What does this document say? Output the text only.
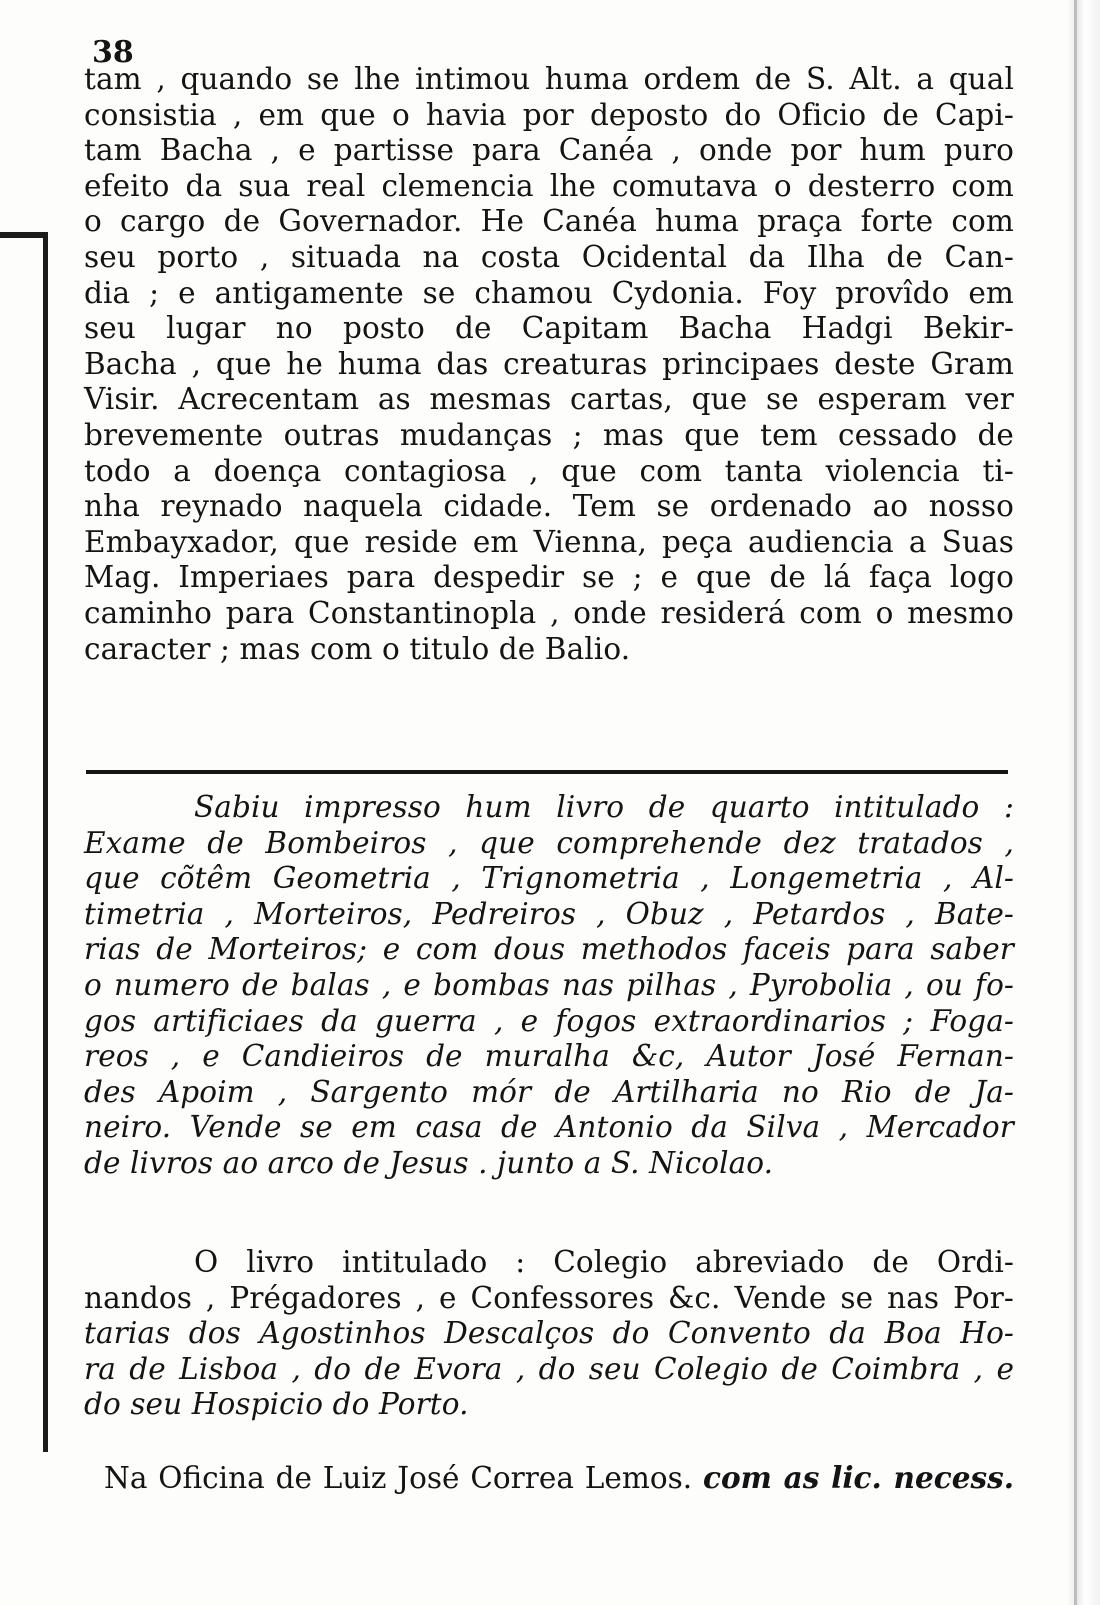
38
tam , quando se lhe intimou huma ordem de S. Alt. a qual
consistia , em que o havia por deposto do Oficio de Capi-
tam Bacha , e partisse para Canéa , onde por hum puro
efeito da sua real clemencia lhe comutava o desterro com
o cargo de Governador. He Canéa huma praça forte com
seu porto , situada na costa Ocidental da Ilha de Can-
dia ; e antigamente se chamou Cydonia. Foy provîdo em
seu lugar no posto de Capitam Bacha Hadgi Bekir-
Bacha , que he huma das creaturas principaes deste Gram
Visir. Acrecentam as mesmas cartas, que se esperam ver
brevemente outras mudanças ; mas que tem cessado de
todo a doença contagiosa , que com tanta violencia ti-
nha reynado naquela cidade. Tem se ordenado ao nosso
Embayxador, que reside em Vienna, peça audiencia a Suas
Mag. Imperiaes para despedir se ; e que de lá faça logo
caminho para Constantinopla , onde residerá com o mesmo
caracter ; mas com o titulo de Balio.
Sabiu impresso hum livro de quarto intitulado :
Exame de Bombeiros , que comprehende dez tratados ,
que cõtêm Geometria , Trignometria , Longemetria , Al-
timetria , Morteiros, Pedreiros , Obuz , Petardos , Bate-
rias de Morteiros; e com dous methodos faceis para saber
o numero de balas , e bombas nas pilhas , Pyrobolia , ou fo-
gos artificiaes da guerra , e fogos extraordinarios ; Foga-
reos , e Candieiros de muralha &c, Autor José Fernan-
des Apoim , Sargento mór de Artilharia no Rio de Ja-
neiro. Vende se em casa de Antonio da Silva , Mercador
de livros ao arco de Jesus . junto a S. Nicolao.
O livro intitulado : Colegio abreviado de Ordi-
nandos , Prégadores , e Confessores &c. Vende se nas Por-
tarias dos Agostinhos Descalços do Convento da Boa Ho-
ra de Lisboa , do de Evora , do seu Colegio de Coimbra , e
do seu Hospicio do Porto.
Na Oficina de Luiz José Correa Lemos. com as lic. necess.
